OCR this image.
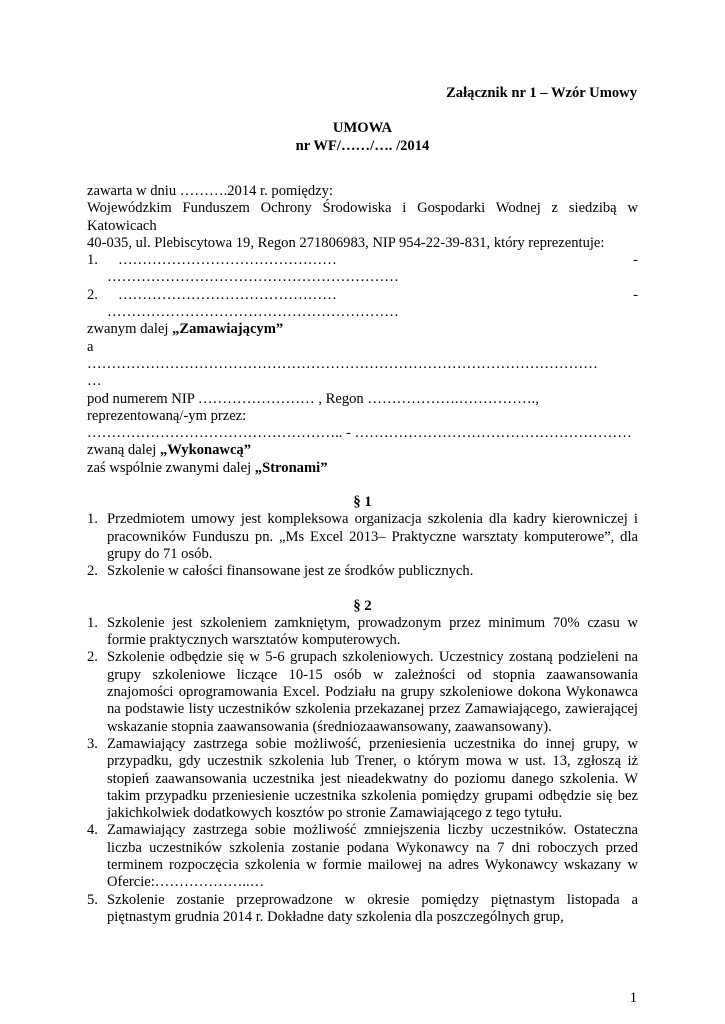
Załącznik nr 1 – Wzór Umowy
UMOWA
nr WF/……/…. /2014
zawarta w dniu ……….2014 r. pomiędzy:
Wojewódzkim Funduszem Ochrony Środowiska i Gospodarki Wodnej z siedzibą w
Katowicach
40-035, ul. Plebiscytowa 19, Regon 271806983, NIP 954-22-39-831, który reprezentuje:
1. ………………………………………	-
……………………………………………………
2. ………………………………………	-
……………………………………………………
zwanym dalej „Zamawiającym”
a
……………………………………………………………………………………………
…
pod numerem NIP …………………… , Regon ……………….…………….,
reprezentowaną/-ym przez:
…………………………………………….. - …………………………………………………
zwaną dalej „Wykonawcą”
zaś wspólnie zwanymi dalej „Stronami”
§ 1
1. Przedmiotem umowy jest kompleksowa organizacja szkolenia dla kadry kierowniczej i pracowników Funduszu pn. „Ms Excel 2013– Praktyczne warsztaty komputerowe”, dla grupy do 71 osób.
2. Szkolenie w całości finansowane jest ze środków publicznych.
§ 2
1. Szkolenie jest szkoleniem zamkniętym, prowadzonym przez minimum 70% czasu w formie praktycznych warsztatów komputerowych.
2. Szkolenie odbędzie się w 5-6 grupach szkoleniowych. Uczestnicy zostaną podzieleni na grupy szkoleniowe liczące 10-15 osób w zależności od stopnia zaawansowania znajomości oprogramowania Excel. Podziału na grupy szkoleniowe dokona Wykonawca na podstawie listy uczestników szkolenia przekazanej przez Zamawiającego, zawierającej wskazanie stopnia zaawansowania (średniozaawansowany, zaawansowany).
3. Zamawiający zastrzega sobie możliwość, przeniesienia uczestnika do innej grupy, w przypadku, gdy uczestnik szkolenia lub Trener, o którym mowa w ust. 13, zgłoszą iż stopień zaawansowania uczestnika jest nieadekwatny do poziomu danego szkolenia. W takim przypadku przeniesienie uczestnika szkolenia pomiędzy grupami odbędzie się bez jakichkolwiek dodatkowych kosztów po stronie Zamawiającego z tego tytułu.
4. Zamawiający zastrzega sobie możliwość zmniejszenia liczby uczestników. Ostateczna liczba uczestników szkolenia zostanie podana Wykonawcy na 7 dni roboczych przed terminem rozpoczęcia szkolenia w formie mailowej na adres Wykonawcy wskazany w Ofercie:………………..…
5. Szkolenie zostanie przeprowadzone w okresie pomiędzy piętnastym listopada a piętnastym grudnia 2014 r. Dokładne daty szkolenia dla poszczególnych grup,
1
